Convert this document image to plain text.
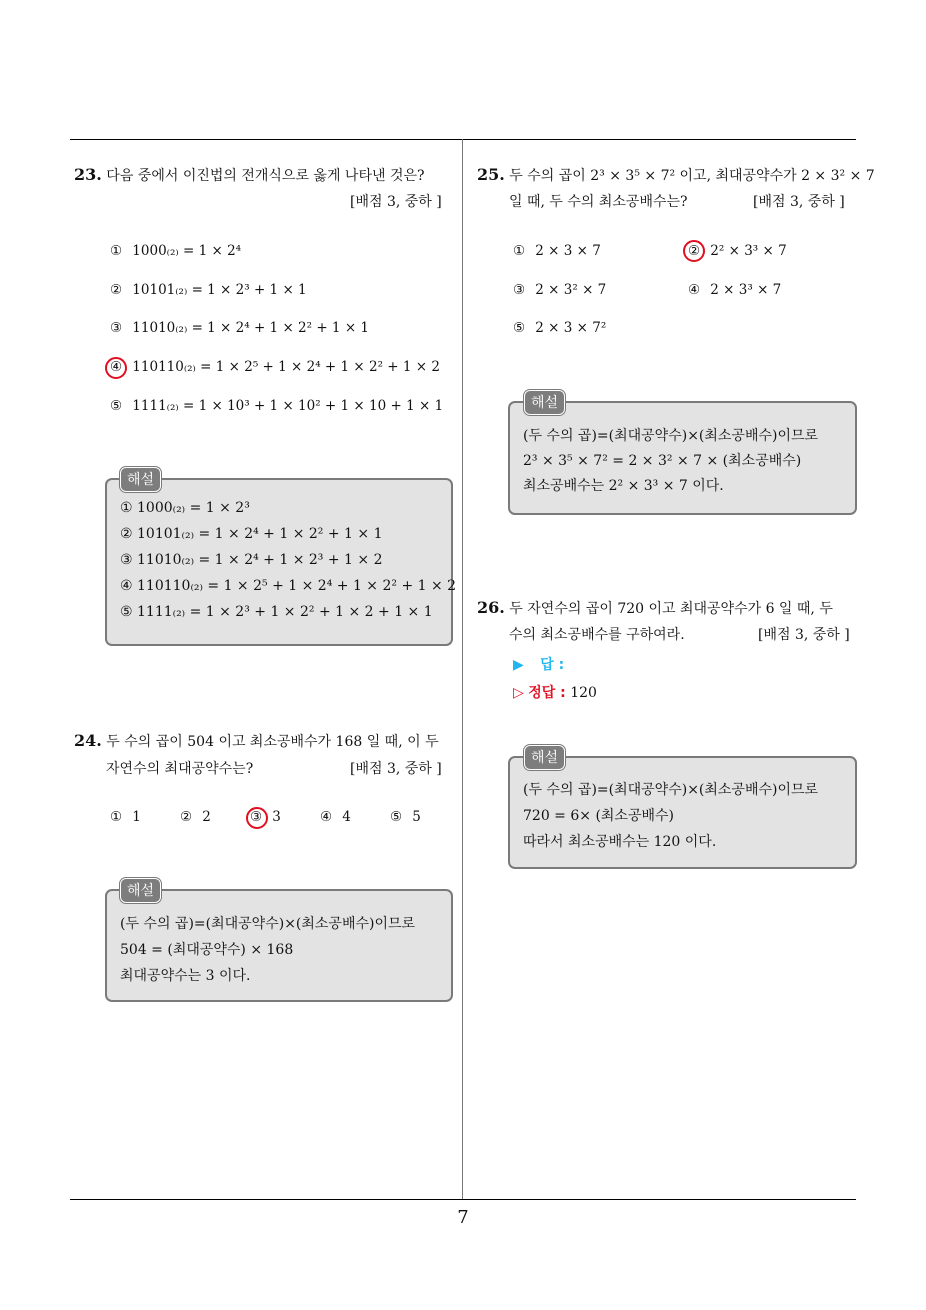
7
23. 다음 중에서 이진법의 전개식으로 옳게 나타낸 것은?
[배점 3, 중하 ]
① 1000₍₂₎ = 1 × 2⁴
② 10101₍₂₎ = 1 × 2³ + 1 × 1
③ 11010₍₂₎ = 1 × 2⁴ + 1 × 2² + 1 × 1
④ 110110₍₂₎ = 1 × 2⁵ + 1 × 2⁴ + 1 × 2² + 1 × 2
⑤ 1111₍₂₎ = 1 × 10³ + 1 × 10² + 1 × 10 + 1 × 1
① 1000₍₂₎ = 1 × 2³
② 10101₍₂₎ = 1 × 2⁴ + 1 × 2² + 1 × 1
③ 11010₍₂₎ = 1 × 2⁴ + 1 × 2³ + 1 × 2
④ 110110₍₂₎ = 1 × 2⁵ + 1 × 2⁴ + 1 × 2² + 1 × 2
⑤ 1111₍₂₎ = 1 × 2³ + 1 × 2² + 1 × 2 + 1 × 1
해설
24. 두 수의 곱이 504 이고 최소공배수가 168 일 때, 이 두
자연수의 최대공약수는?	[배점 3, 중하 ]
① 1	② 2	③ 3	④ 4	⑤ 5
(두 수의 곱)=(최대공약수)×(최소공배수)이므로
504 = (최대공약수) × 168
최대공약수는 3 이다.
해설
25. 두 수의 곱이 2³ × 3⁵ × 7² 이고, 최대공약수가 2 × 3² × 7
일 때, 두 수의 최소공배수는?	[배점 3, 중하 ]
① 2 × 3 × 7	② 2² × 3³ × 7
③ 2 × 3² × 7	④ 2 × 3³ × 7
⑤ 2 × 3 × 7²
(두 수의 곱)=(최대공약수)×(최소공배수)이므로
2³ × 3⁵ × 7² = 2 × 3² × 7 × (최소공배수)
최소공배수는 2² × 3³ × 7 이다.
해설
26. 두 자연수의 곱이 720 이고 최대공약수가 6 일 때, 두
수의 최소공배수를 구하여라.	[배점 3, 중하 ]
▶ 답 :
▷ 정답 : 120
(두 수의 곱)=(최대공약수)×(최소공배수)이므로
720 = 6× (최소공배수)
따라서 최소공배수는 120 이다.
해설
